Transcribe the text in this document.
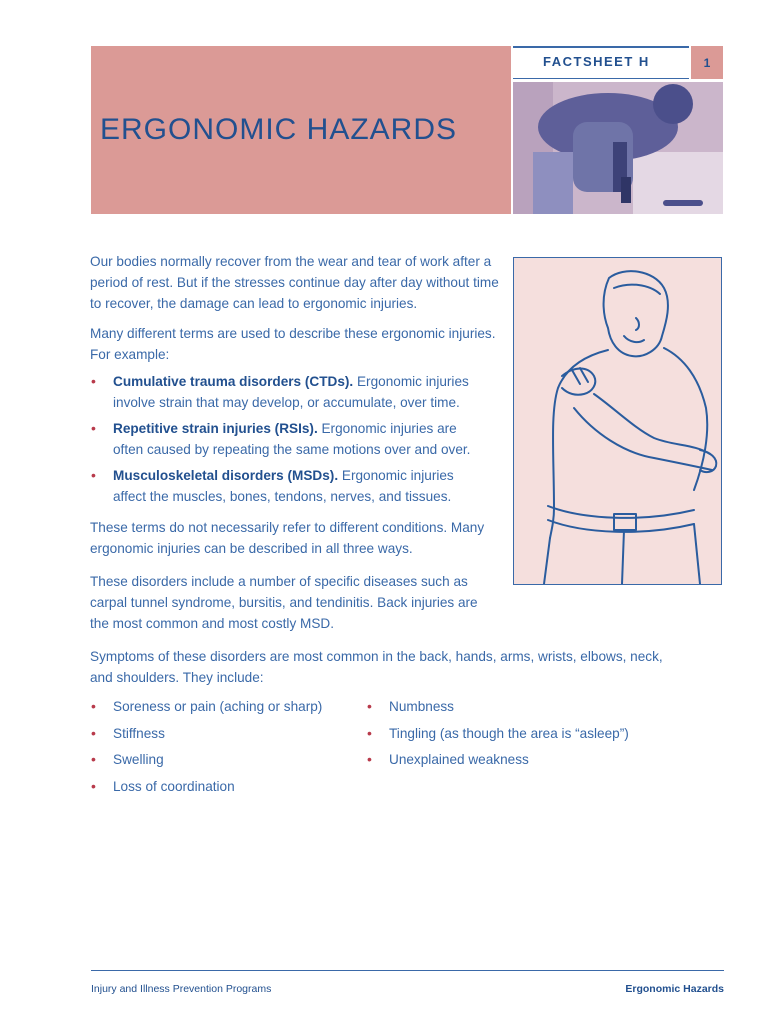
ERGONOMIC HAZARDS
FACTSHEET H	1

Our bodies normally recover from the wear and tear of work after a period of rest. But if the stresses continue day after day without time to recover, the damage can lead to ergonomic injuries.

Many different terms are used to describe these ergonomic injuries. For example:

• Cumulative trauma disorders (CTDs). Ergonomic injuries involve strain that may develop, or accumulate, over time.
• Repetitive strain injuries (RSIs). Ergonomic injuries are often caused by repeating the same motions over and over.
• Musculoskeletal disorders (MSDs). Ergonomic injuries affect the muscles, bones, tendons, nerves, and tissues.

These terms do not necessarily refer to different conditions. Many ergonomic injuries can be described in all three ways.

These disorders include a number of specific diseases such as carpal tunnel syndrome, bursitis, and tendinitis. Back injuries are the most common and most costly MSD.

Symptoms of these disorders are most common in the back, hands, arms, wrists, elbows, neck, and shoulders. They include:

• Soreness or pain (aching or sharp)
• Stiffness
• Swelling
• Loss of coordination
• Numbness
• Tingling (as though the area is “asleep”)
• Unexplained weakness
Injury and Illness Prevention Programs	Ergonomic Hazards
